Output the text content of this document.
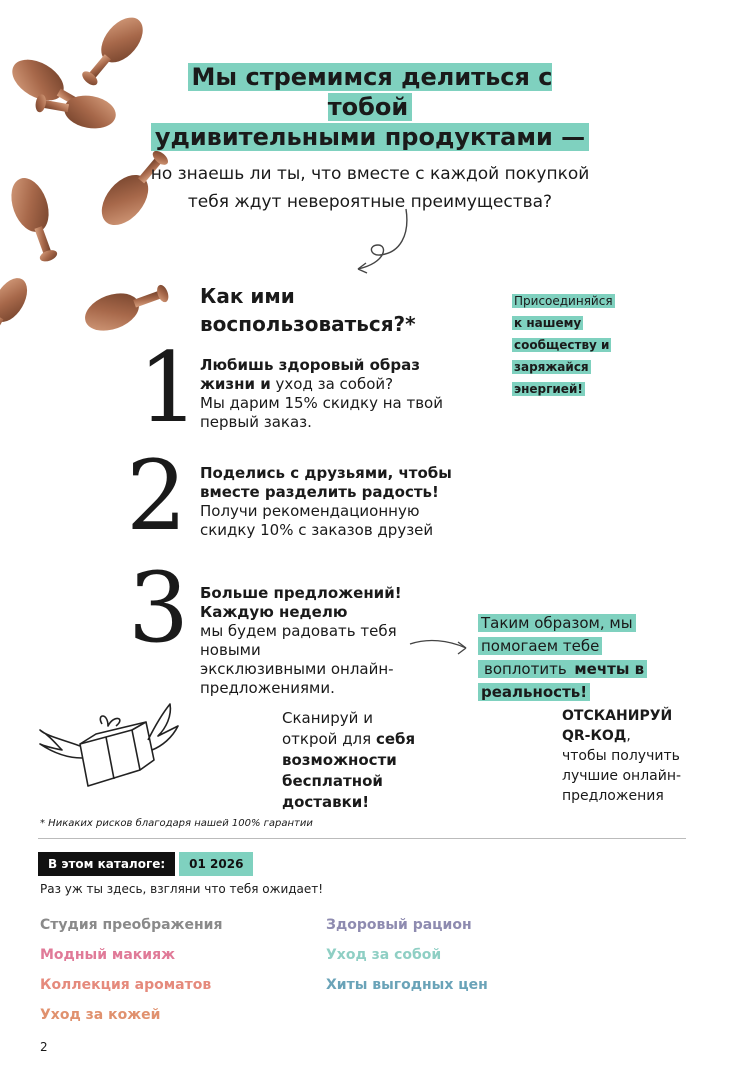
Мы стремимся делиться с тобой
удивительными продуктами —
но знаешь ли ты, что вместе с каждой покупкой
тебя ждут невероятные преимущества?
Как ими
воспользоваться?*
Присоединяйся
к нашему
сообществу и
заряжайся
энергией!
1 Любишь здоровый образ
жизни и уход за собой?
Мы дарим 15% скидку на твой
первый заказ.
2 Поделись с друзьями, чтобы
вместе разделить радость!
Получи рекомендационную
скидку 10% с заказов друзей
3 Больше предложений!
Каждую неделю
мы будем радовать тебя новыми
эксклюзивными онлайн-
предложениями.
Таким образом, мы
помогаем тебе
воплотить мечты в
реальность!
Сканируй и
открой для себя
возможности
бесплатной
доставки!
ОТСКАНИРУЙ
QR-КОД,
чтобы получить
лучшие онлайн-
предложения
* Никаких рисков благодаря нашей 100% гарантии
В этом каталоге: 01 2026
Раз уж ты здесь, взгляни что тебя ожидает!
Студия преображения
Модный макияж
Коллекция ароматов
Уход за кожей
Здоровый рацион
Уход за собой
Хиты выгодных цен
2
